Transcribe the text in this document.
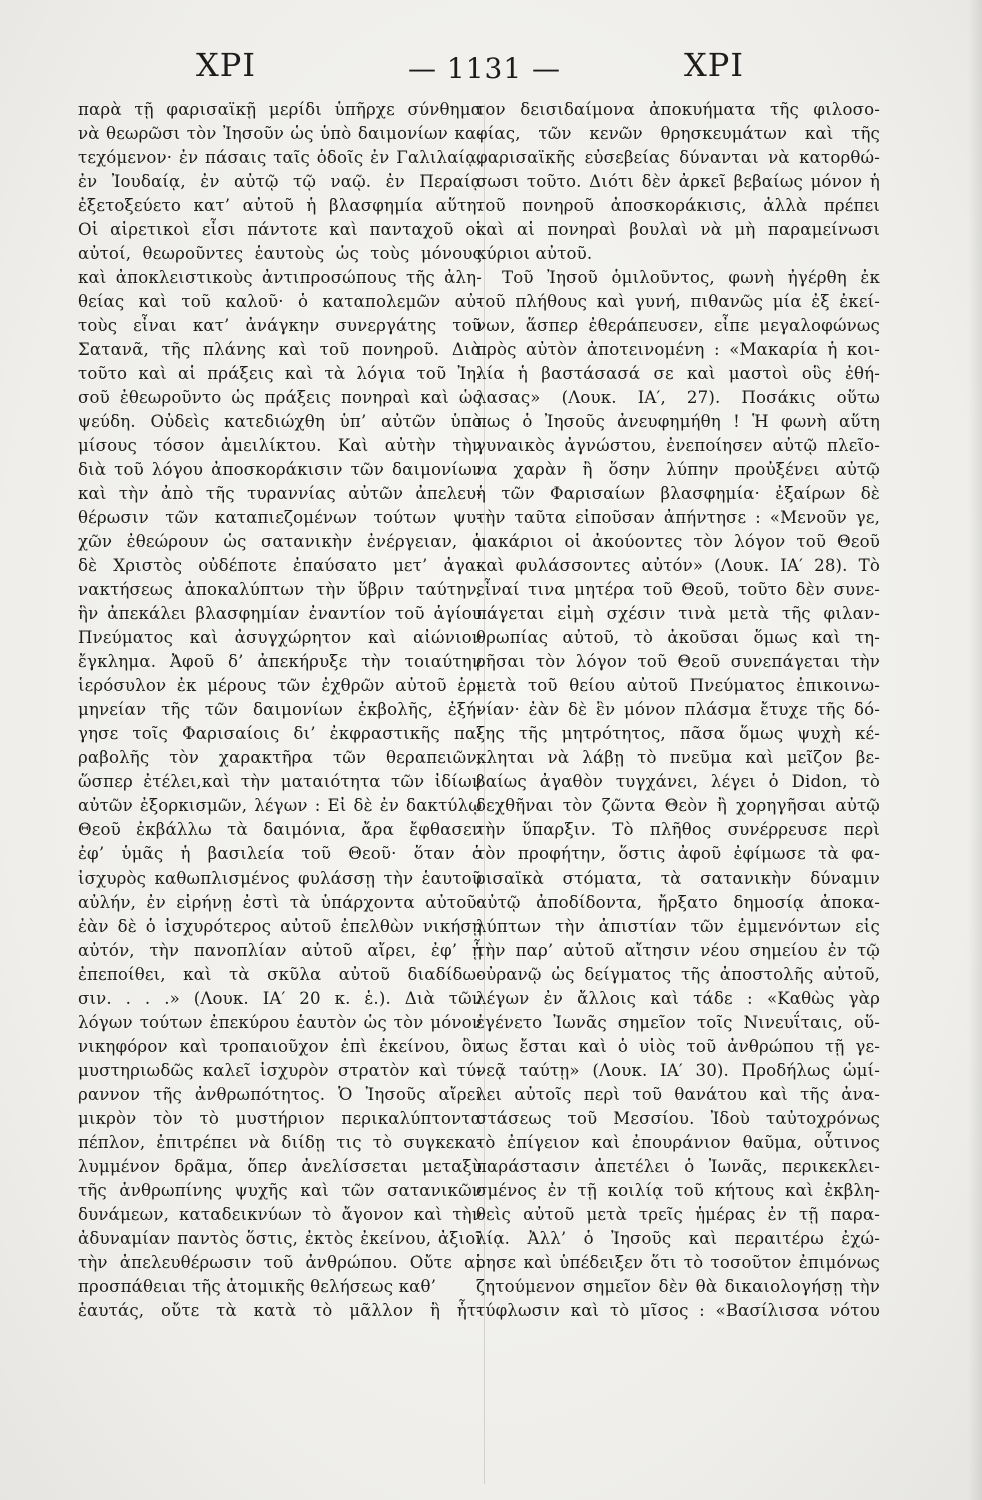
ΧΡΙ	— 1131 —	ΧΡΙ
παρὰ τῇ φαρισαϊκῇ μερίδι ὑπῆρχε σύνθημα
νὰ θεωρῶσι τὸν Ἰησοῦν ὡς ὑπὸ δαιμονίων κα-
τεχόμενον· ἐν πάσαις ταῖς ὁδοῖς ἐν Γαλιλαίᾳ,
ἐν Ἰουδαίᾳ, ἐν αὐτῷ τῷ ναῷ. ἐν Περαίᾳ
ἐξετοξεύετο κατ’ αὐτοῦ ἡ βλασφημία αὕτη.
Οἱ αἱρετικοὶ εἶσι πάντοτε καὶ πανταχοῦ οἱ
αὐτοί, θεωροῦντες ἑαυτοὺς ὡς τοὺς μόνους
καὶ ἀποκλειστικοὺς ἀντιπροσώπους τῆς ἀλη-
θείας καὶ τοῦ καλοῦ· ὁ καταπολεμῶν αὐ-
τοὺς εἶναι κατ’ ἀνάγκην συνεργάτης τοῦ
Σατανᾶ, τῆς πλάνης καὶ τοῦ πονηροῦ. Διὰ
τοῦτο καὶ αἱ πράξεις καὶ τὰ λόγια τοῦ Ἰη-
σοῦ ἐθεωροῦντο ὡς πράξεις πονηραὶ καὶ ὡς
ψεύδη. Οὐδεὶς κατεδιώχθη ὑπ’ αὐτῶν ὑπὸ
μίσους τόσον ἀμειλίκτου. Καὶ αὐτὴν τὴν
διὰ τοῦ λόγου ἀποσκοράκισιν τῶν δαιμονίων
καὶ τὴν ἀπὸ τῆς τυραννίας αὐτῶν ἀπελευ-
θέρωσιν τῶν καταπιεζομένων τούτων ψυ-
χῶν ἐθεώρουν ὡς σατανικὴν ἐνέργειαν, ὁ
δὲ Χριστὸς οὐδέποτε ἐπαύσατο μετ’ ἀγα-
νακτήσεως ἀποκαλύπτων τὴν ὕβριν ταύτην,
ἣν ἀπεκάλει βλασφημίαν ἐναντίον τοῦ ἁγίου
Πνεύματος καὶ ἀσυγχώρητον καὶ αἰώνιον
ἔγκλημα. Ἀφοῦ δ’ ἀπεκήρυξε τὴν τοιαύτην
ἱερόσυλον ἐκ μέρους τῶν ἐχθρῶν αὐτοῦ ἑρ-
μηνείαν τῆς τῶν δαιμονίων ἐκβολῆς, ἐξή-
γησε τοῖς Φαρισαίοις δι’ ἐκφραστικῆς πα-
ραβολῆς τὸν χαρακτῆρα τῶν θεραπειῶν,
ὥσπερ ἐτέλει,καὶ τὴν ματαιότητα τῶν ἰδίων
αὐτῶν ἐξορκισμῶν, λέγων : Εἰ δὲ ἐν δακτύλῳ
Θεοῦ ἐκβάλλω τὰ δαιμόνια, ἄρα ἔφθασεν
ἐφ’ ὑμᾶς ἡ βασιλεία τοῦ Θεοῦ· ὅταν ὁ
ἰσχυρὸς καθωπλισμένος φυλάσσῃ τὴν ἑαυτοῦ
αὐλήν, ἐν εἰρήνῃ ἐστὶ τὰ ὑπάρχοντα αὐτοῦ·
ἐὰν δὲ ὁ ἰσχυρότερος αὐτοῦ ἐπελθὼν νικήσῃ
αὐτόν, τὴν πανοπλίαν αὐτοῦ αἴρει, ἐφ’ ᾗ
ἐπεποίθει, καὶ τὰ σκῦλα αὐτοῦ διαδίδω-
σιν. . . .» (Λουκ. ΙΑ′ 20 κ. ἑ.). Διὰ τῶν
λόγων τούτων ἐπεκύρου ἑαυτὸν ὡς τὸν μόνον
νικηφόρον καὶ τροπαιοῦχον ἐπὶ ἐκείνου, ὃν
μυστηριωδῶς καλεῖ ἰσχυρὸν στρατὸν καὶ τύ-
ραννον τῆς ἀνθρωπότητος. Ὁ Ἰησοῦς αἴρει
μικρὸν τὸν τὸ μυστήριον περικαλύπτοντα
πέπλον, ἐπιτρέπει νὰ διίδῃ τις τὸ συγκεκα-
λυμμένον δρᾶμα, ὅπερ ἀνελίσσεται μεταξὺ
τῆς ἀνθρωπίνης ψυχῆς καὶ τῶν σατανικῶν
δυνάμεων, καταδεικνύων τὸ ἄγονον καὶ τὴν
ἀδυναμίαν παντὸς ὅστις, ἐκτὸς ἐκείνου, ἀξιοῖ
τὴν ἀπελευθέρωσιν τοῦ ἀνθρώπου. Οὔτε αἱ
προσπάθειαι τῆς ἀτομικῆς θελήσεως καθ’
ἑαυτάς, οὔτε τὰ κατὰ τὸ μᾶλλον ἢ ἧτ-
τον δεισιδαίμονα ἀποκυήματα τῆς φιλοσο-
φίας, τῶν κενῶν θρησκευμάτων καὶ τῆς
φαρισαϊκῆς εὐσεβείας δύνανται νὰ κατορθώ-
σωσι τοῦτο. Διότι δὲν ἀρκεῖ βεβαίως μόνον ἡ
τοῦ πονηροῦ ἀποσκοράκισις, ἀλλὰ πρέπει
καὶ αἱ πονηραὶ βουλαὶ νὰ μὴ παραμείνωσι
κύριοι αὐτοῦ.
Τοῦ Ἰησοῦ ὁμιλοῦντος, φωνὴ ἠγέρθη ἐκ
τοῦ πλήθους καὶ γυνή, πιθανῶς μία ἐξ ἐκεί-
νων, ἅσπερ ἐθεράπευσεν, εἶπε μεγαλοφώνως
πρὸς αὐτὸν ἀποτεινομένη : «Μακαρία ἡ κοι-
λία ἡ βαστάσασά σε καὶ μαστοὶ οὓς ἐθή-
λασας» (Λουκ. ΙΑ′, 27). Ποσάκις οὕτω
πως ὁ Ἰησοῦς ἀνευφημήθη ! Ἡ φωνὴ αὕτη
γυναικὸς ἀγνώστου, ἐνεποίησεν αὐτῷ πλεῖο-
να χαρὰν ἢ ὅσην λύπην προὐξένει αὐτῷ
ἡ τῶν Φαρισαίων βλασφημία· ἐξαίρων δὲ
τὴν ταῦτα εἰποῦσαν ἀπήντησε : «Μενοῦν γε,
μακάριοι οἱ ἀκούοντες τὸν λόγον τοῦ Θεοῦ
καὶ φυλάσσοντες αὐτόν» (Λουκ. ΙΑ′ 28). Τὸ
εἶναί τινα μητέρα τοῦ Θεοῦ, τοῦτο δὲν συνε-
πάγεται εἰμὴ σχέσιν τινὰ μετὰ τῆς φιλαν-
θρωπίας αὐτοῦ, τὸ ἀκοῦσαι ὅμως καὶ τη-
ρῆσαι τὸν λόγον τοῦ Θεοῦ συνεπάγεται τὴν
μετὰ τοῦ θείου αὐτοῦ Πνεύματος ἐπικοινω-
νίαν· ἐὰν δὲ ἓν μόνον πλάσμα ἔτυχε τῆς δό-
ξης τῆς μητρότητος, πᾶσα ὅμως ψυχὴ κέ-
κληται νὰ λάβῃ τὸ πνεῦμα καὶ μεῖζον βε-
βαίως ἀγαθὸν τυγχάνει, λέγει ὁ Didon, τὸ
δεχθῆναι τὸν ζῶντα Θεὸν ἢ χορηγῆσαι αὐτῷ
τὴν ὕπαρξιν. Τὸ πλῆθος συνέρρευσε περὶ
τὸν προφήτην, ὅστις ἀφοῦ ἐφίμωσε τὰ φα-
ρισαϊκὰ στόματα, τὰ σατανικὴν δύναμιν
αὐτῷ ἀποδίδοντα, ἤρξατο δημοσίᾳ ἀποκα-
λύπτων τὴν ἀπιστίαν τῶν ἐμμενόντων εἰς
τὴν παρ’ αὐτοῦ αἴτησιν νέου σημείου ἐν τῷ
οὐρανῷ ὡς δείγματος τῆς ἀποστολῆς αὐτοῦ,
λέγων ἐν ἄλλοις καὶ τάδε : «Καθὼς γὰρ
ἐγένετο Ἰωνᾶς σημεῖον τοῖς Νινευΐταις, οὕ-
τως ἔσται καὶ ὁ υἱὸς τοῦ ἀνθρώπου τῇ γε-
νεᾷ ταύτῃ» (Λουκ. ΙΑ′ 30). Προδήλως ὡμί-
λει αὐτοῖς περὶ τοῦ θανάτου καὶ τῆς ἀνα-
στάσεως τοῦ Μεσσίου. Ἰδοὺ ταὐτοχρόνως
τὸ ἐπίγειον καὶ ἐπουράνιον θαῦμα, οὗτινος
παράστασιν ἀπετέλει ὁ Ἰωνᾶς, περικεκλει-
σμένος ἐν τῇ κοιλίᾳ τοῦ κήτους καὶ ἐκβλη-
θεὶς αὐτοῦ μετὰ τρεῖς ἡμέρας ἐν τῇ παρα-
λίᾳ. Ἀλλ’ ὁ Ἰησοῦς καὶ περαιτέρω ἐχώ-
ρησε καὶ ὑπέδειξεν ὅτι τὸ τοσοῦτον ἐπιμόνως
ζητούμενον σημεῖον δὲν θὰ δικαιολογήσῃ τὴν
τύφλωσιν καὶ τὸ μῖσος : «Βασίλισσα νότου
